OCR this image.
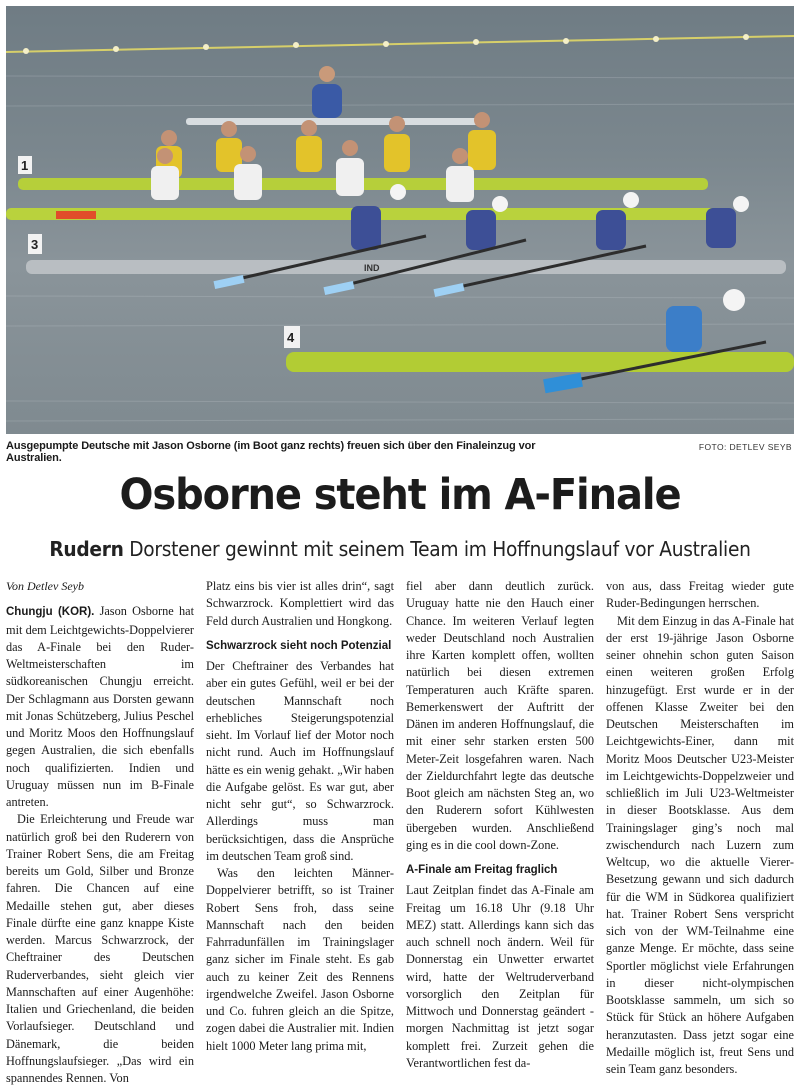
IND
1
3
4
Ausgepumpte Deutsche mit Jason Osborne (im Boot ganz rechts) freuen sich über den Finaleinzug vor Australien.
FOTO: DETLEV SEYB
Osborne steht im A-Finale
Rudern Dorstener gewinnt mit seinem Team im Hoffnungslauf vor Australien

Von Detlev Seyb

Chungju (KOR). Jason Osborne hat mit dem Leichtgewichts-Doppelvierer das A-Finale bei den Ruder-Weltmeisterschaften im südkoreanischen Chungju erreicht. Der Schlagmann aus Dorsten gewann mit Jonas Schützeberg, Julius Peschel und Moritz Moos den Hoffnungslauf gegen Australien, die sich ebenfalls noch qualifizierten. Indien und Uruguay müssen nun im B-Finale antreten.

Die Erleichterung und Freude war natürlich groß bei den Ruderern von Trainer Robert Sens, die am Freitag bereits um Gold, Silber und Bronze fahren. Die Chancen auf eine Medaille stehen gut, aber dieses Finale dürfte eine ganz knappe Kiste werden. Marcus Schwarzrock, der Cheftrainer des Deutschen Ruderverbandes, sieht gleich vier Mannschaften auf einer Augenhöhe: Italien und Griechenland, die beiden Vorlaufsieger. Deutschland und Dänemark, die beiden Hoffnungslaufsieger. „Das wird ein spannendes Rennen. Von

Platz eins bis vier ist alles drin“, sagt Schwarzrock. Komplettiert wird das Feld durch Australien und Hongkong.

Schwarzrock sieht noch Potenzial

Der Cheftrainer des Verbandes hat aber ein gutes Gefühl, weil er bei der deutschen Mannschaft noch erhebliches Steigerungspotenzial sieht. Im Vorlauf lief der Motor noch nicht rund. Auch im Hoffnungslauf hätte es ein wenig gehakt. „Wir haben die Aufgabe gelöst. Es war gut, aber nicht sehr gut“, so Schwarzrock. Allerdings muss man berücksichtigen, dass die Ansprüche im deutschen Team groß sind.

Was den leichten Männer-Doppelvierer betrifft, so ist Trainer Robert Sens froh, dass seine Mannschaft nach den beiden Fahrradunfällen im Trainingslager ganz sicher im Finale steht. Es gab auch zu keiner Zeit des Rennens irgendwelche Zweifel. Jason Osborne und Co. fuhren gleich an die Spitze, zogen dabei die Australier mit. Indien hielt 1000 Meter lang prima mit,

fiel aber dann deutlich zurück. Uruguay hatte nie den Hauch einer Chance. Im weiteren Verlauf legten weder Deutschland noch Australien ihre Karten komplett offen, wollten natürlich bei diesen extremen Temperaturen auch Kräfte sparen. Bemerkenswert der Auftritt der Dänen im anderen Hoffnungslauf, die mit einer sehr starken ersten 500 Meter-Zeit losgefahren waren. Nach der Zieldurchfahrt legte das deutsche Boot gleich am nächsten Steg an, wo den Ruderern sofort Kühlwesten übergeben wurden. Anschließend ging es in die cool down-Zone.

A-Finale am Freitag fraglich

Laut Zeitplan findet das A-Finale am Freitag um 16.18 Uhr (9.18 Uhr MEZ) statt. Allerdings kann sich das auch schnell noch ändern. Weil für Donnerstag ein Unwetter erwartet wird, hatte der Weltruderverband vorsorglich den Zeitplan für Mittwoch und Donnerstag geändert - morgen Nachmittag ist jetzt sogar komplett frei. Zurzeit gehen die Verantwortlichen fest da-

von aus, dass Freitag wieder gute Ruder-Bedingungen herrschen.

Mit dem Einzug in das A-Finale hat der erst 19-jährige Jason Osborne seiner ohnehin schon guten Saison einen weiteren großen Erfolg hinzugefügt. Erst wurde er in der offenen Klasse Zweiter bei den Deutschen Meisterschaften im Leichtgewichts-Einer, dann mit Moritz Moos Deutscher U23-Meister im Leichtgewichts-Doppelzweier und schließlich im Juli U23-Weltmeister in dieser Bootsklasse. Aus dem Trainingslager ging’s noch mal zwischendurch nach Luzern zum Weltcup, wo die aktuelle Vierer-Besetzung gewann und sich dadurch für die WM in Südkorea qualifiziert hat. Trainer Robert Sens verspricht sich von der WM-Teilnahme eine ganze Menge. Er möchte, dass seine Sportler möglichst viele Erfahrungen in dieser nicht-olympischen Bootsklasse sammeln, um sich so Stück für Stück an höhere Aufgaben heranzutasten. Dass jetzt sogar eine Medaille möglich ist, freut Sens und sein Team ganz besonders.
